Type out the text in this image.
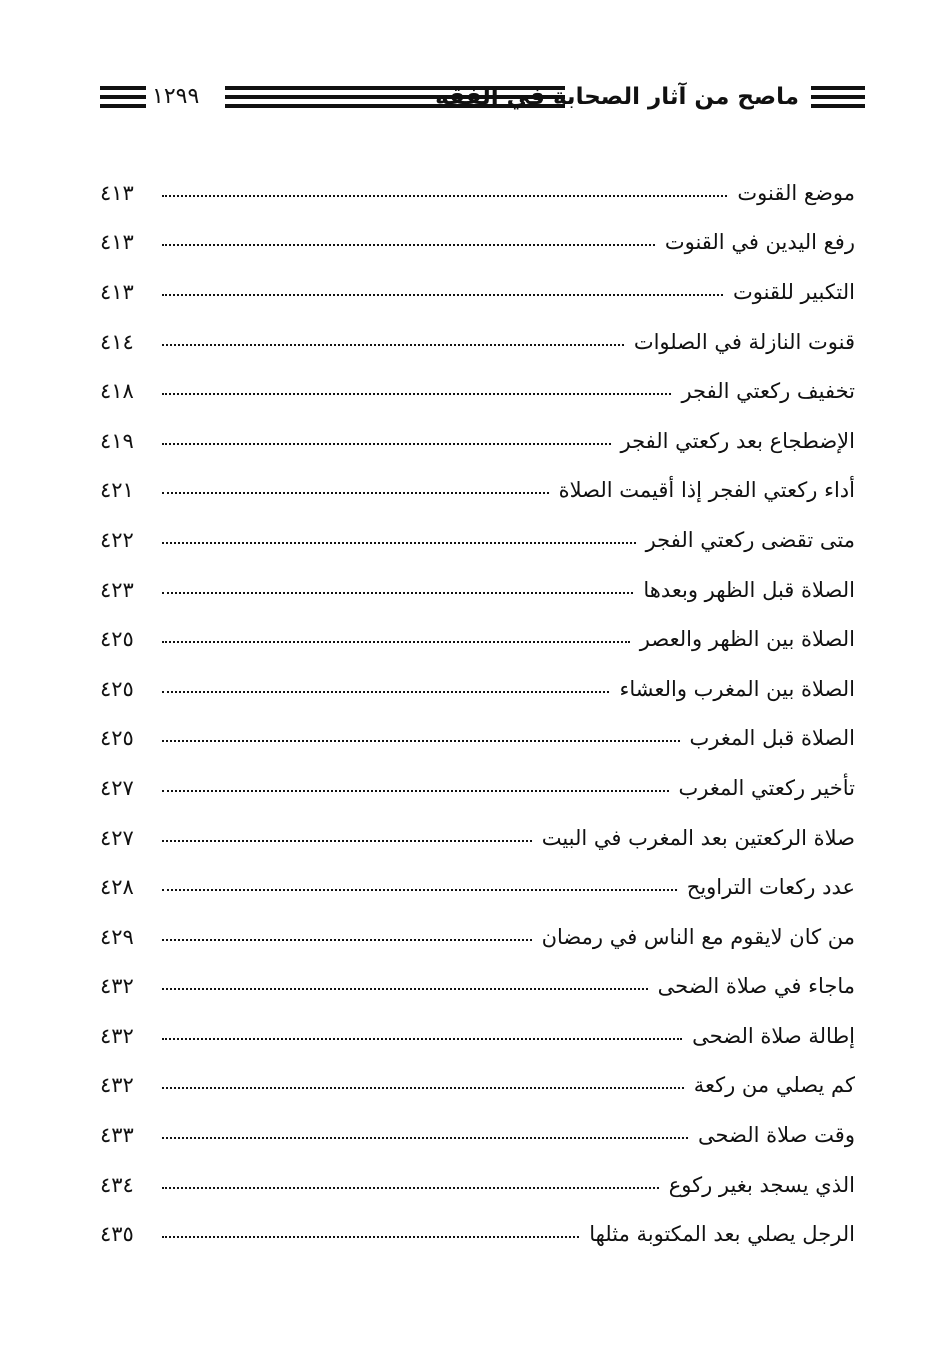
١٢٩٩	ماصح من آثار الصحابة في الفقه
٤١٣	موضع القنوت
٤١٣	رفع اليدين في القنوت
٤١٣	التكبير للقنوت
٤١٤	قنوت النازلة في الصلوات
٤١٨	تخفيف ركعتي الفجر
٤١٩	الإضطجاع بعد ركعتي الفجر
٤٢١	أداء ركعتي الفجر إذا أقيمت الصلاة
٤٢٢	متى تقضى ركعتي الفجر
٤٢٣	الصلاة قبل الظهر وبعدها
٤٢٥	الصلاة بين الظهر والعصر
٤٢٥	الصلاة بين المغرب والعشاء
٤٢٥	الصلاة قبل المغرب
٤٢٧	تأخير ركعتي المغرب
٤٢٧	صلاة الركعتين بعد المغرب في البيت
٤٢٨	عدد ركعات التراويح
٤٢٩	من كان لايقوم مع الناس في رمضان
٤٣٢	ماجاء في صلاة الضحى
٤٣٢	إطالة صلاة الضحى
٤٣٢	كم يصلي من ركعة
٤٣٣	وقت صلاة الضحى
٤٣٤	الذي يسجد بغير ركوع
٤٣٥	الرجل يصلي بعد المكتوبة مثلها
